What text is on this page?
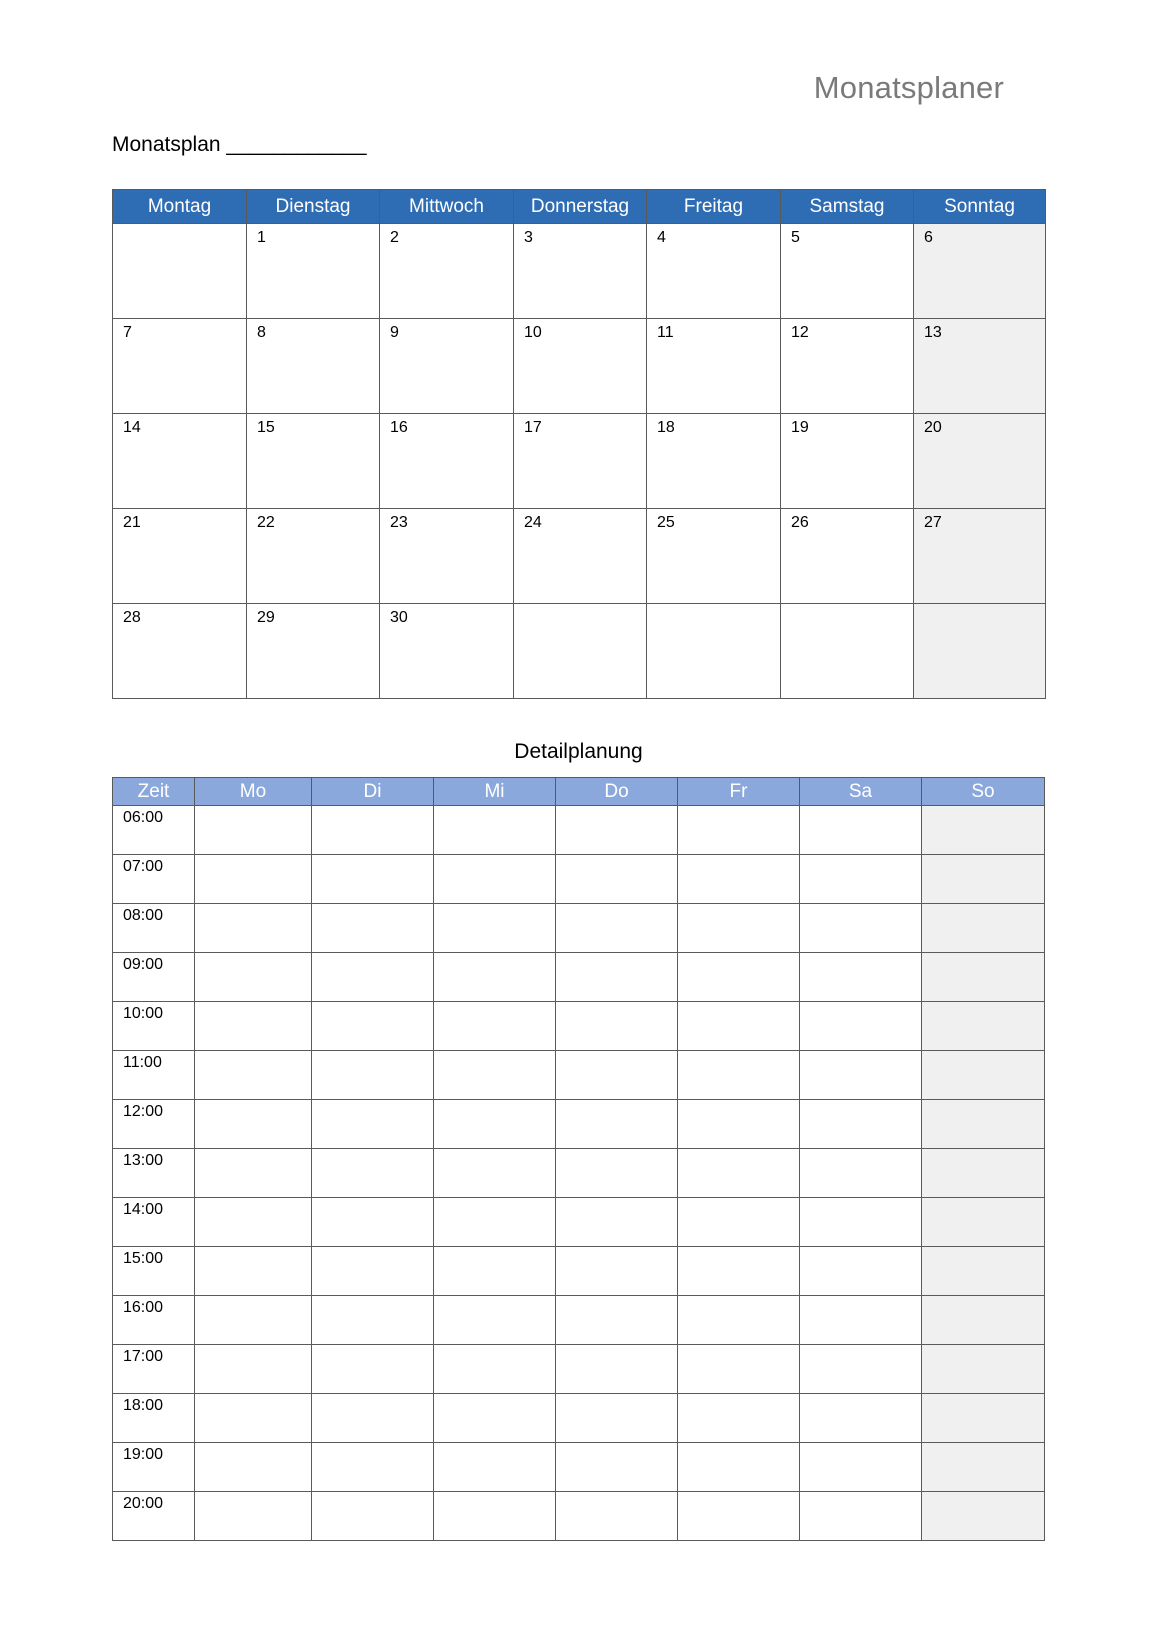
Monatsplaner
Monatsplan ____________
Montag	Dienstag	Mittwoch	Donnerstag	Freitag	Samstag	Sonntag
	1	2	3	4	5	6
7	8	9	10	11	12	13
14	15	16	17	18	19	20
21	22	23	24	25	26	27
28	29	30				
Detailplanung
Zeit	Mo	Di	Mi	Do	Fr	Sa	So
06:00							
07:00							
08:00							
09:00							
10:00							
11:00							
12:00							
13:00							
14:00							
15:00							
16:00							
17:00							
18:00							
19:00							
20:00							
